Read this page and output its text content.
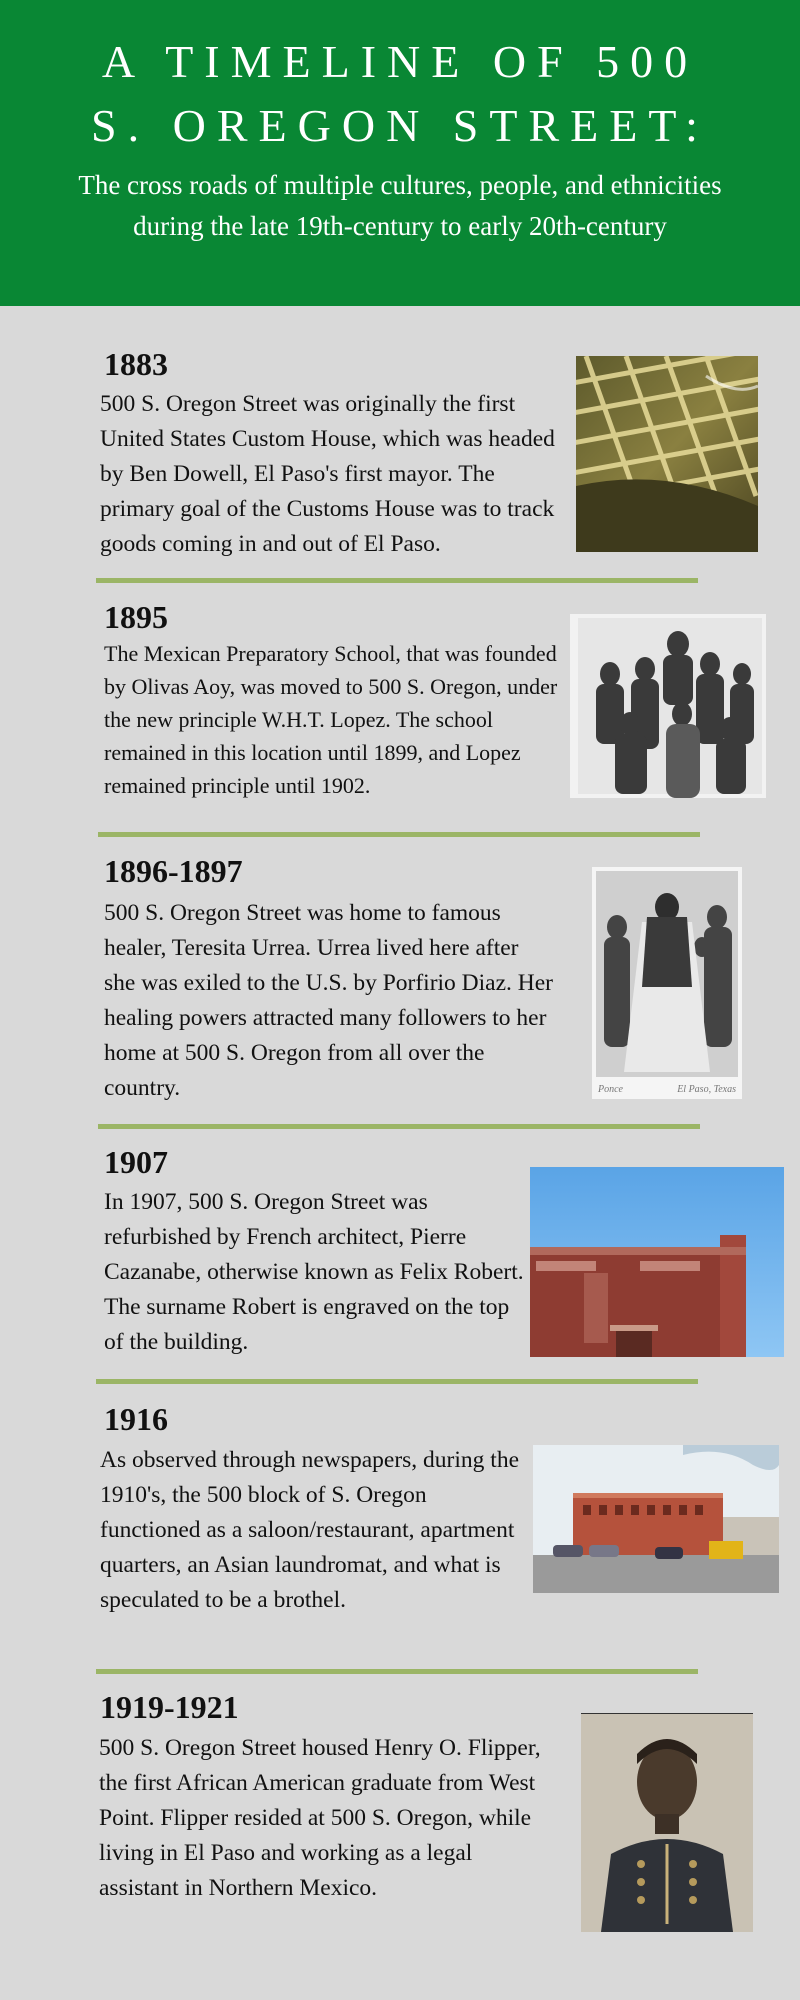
A TIMELINE OF 500
S. OREGON STREET:

The cross roads of multiple cultures, people, and ethnicities during the late 19th-century to early 20th-century

1883

500 S. Oregon Street was originally the first United States Custom House, which was headed by Ben Dowell, El Paso's first mayor. The primary goal of the Customs House was to track goods coming in and out of El Paso.

1895

The Mexican Preparatory School, that was founded by Olivas Aoy, was moved to 500 S. Oregon, under the new principle W.H.T. Lopez. The school remained in this location until 1899, and Lopez remained principle until 1902.

1896-1897

500 S. Oregon Street was home to famous healer, Teresita Urrea. Urrea lived here after she was exiled to the U.S. by Porfirio Diaz. Her healing powers attracted many followers to her home at 500 S. Oregon from all over the country.	Ponce	El Paso, Texas
1907

In 1907, 500 S. Oregon Street was refurbished by French architect, Pierre Cazanabe, otherwise known as Felix Robert. The surname Robert is engraved on the top of the building.

1916

As observed through newspapers, during the 1910's, the 500 block of S. Oregon functioned as a saloon/restaurant, apartment quarters, an Asian laundromat, and what is speculated to be a brothel.

1919-1921

500 S. Oregon Street housed Henry O. Flipper, the first African American graduate from West Point. Flipper resided at 500 S. Oregon, while living in El Paso and working as a legal assistant in Northern Mexico.
